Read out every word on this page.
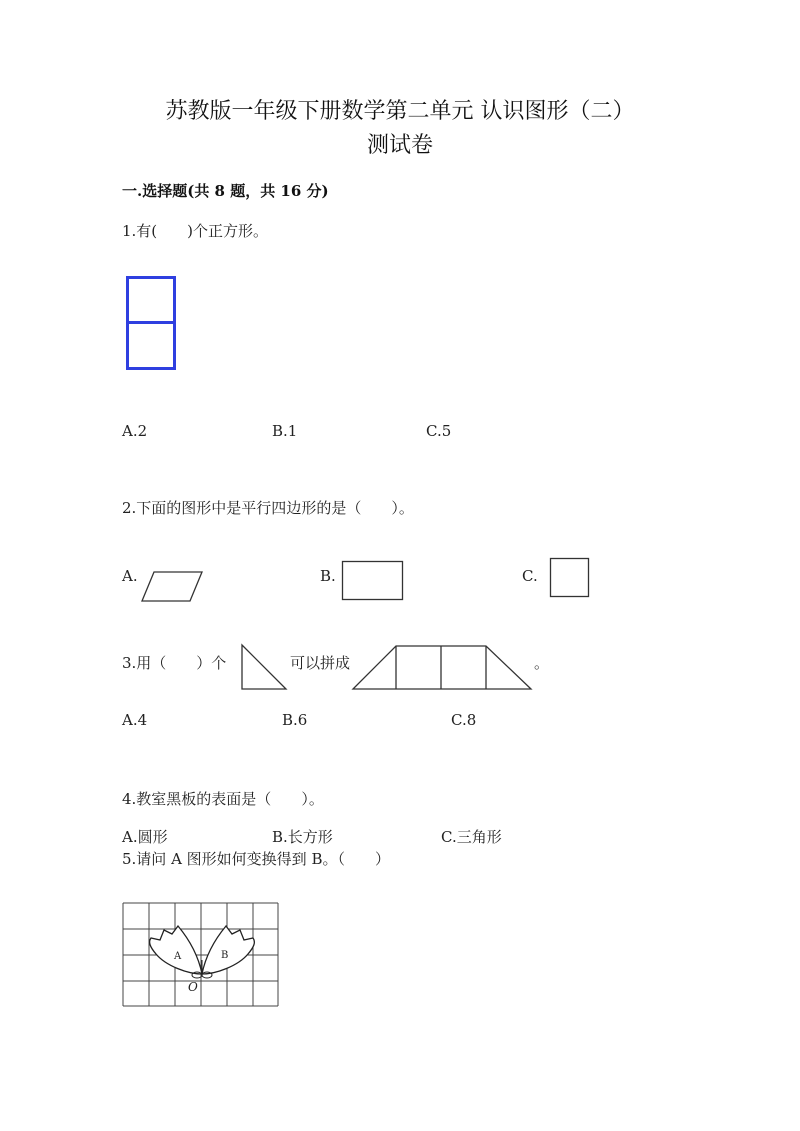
苏教版一年级下册数学第二单元 认识图形（二）
测试卷
一.选择题(共 8 题，共 16 分)
1.有(　　)个正方形。
A.2	B.1	C.5
2.下面的图形中是平行四边形的是（　　）。
A.	B.	C.
3.用（　　）个	可以拼成	。
A.4	B.6	C.8
4.教室黑板的表面是（　　）。
A.圆形	B.长方形	C.三角形
5.请问 A 图形如何变换得到 B。（　　）
A	B
O
